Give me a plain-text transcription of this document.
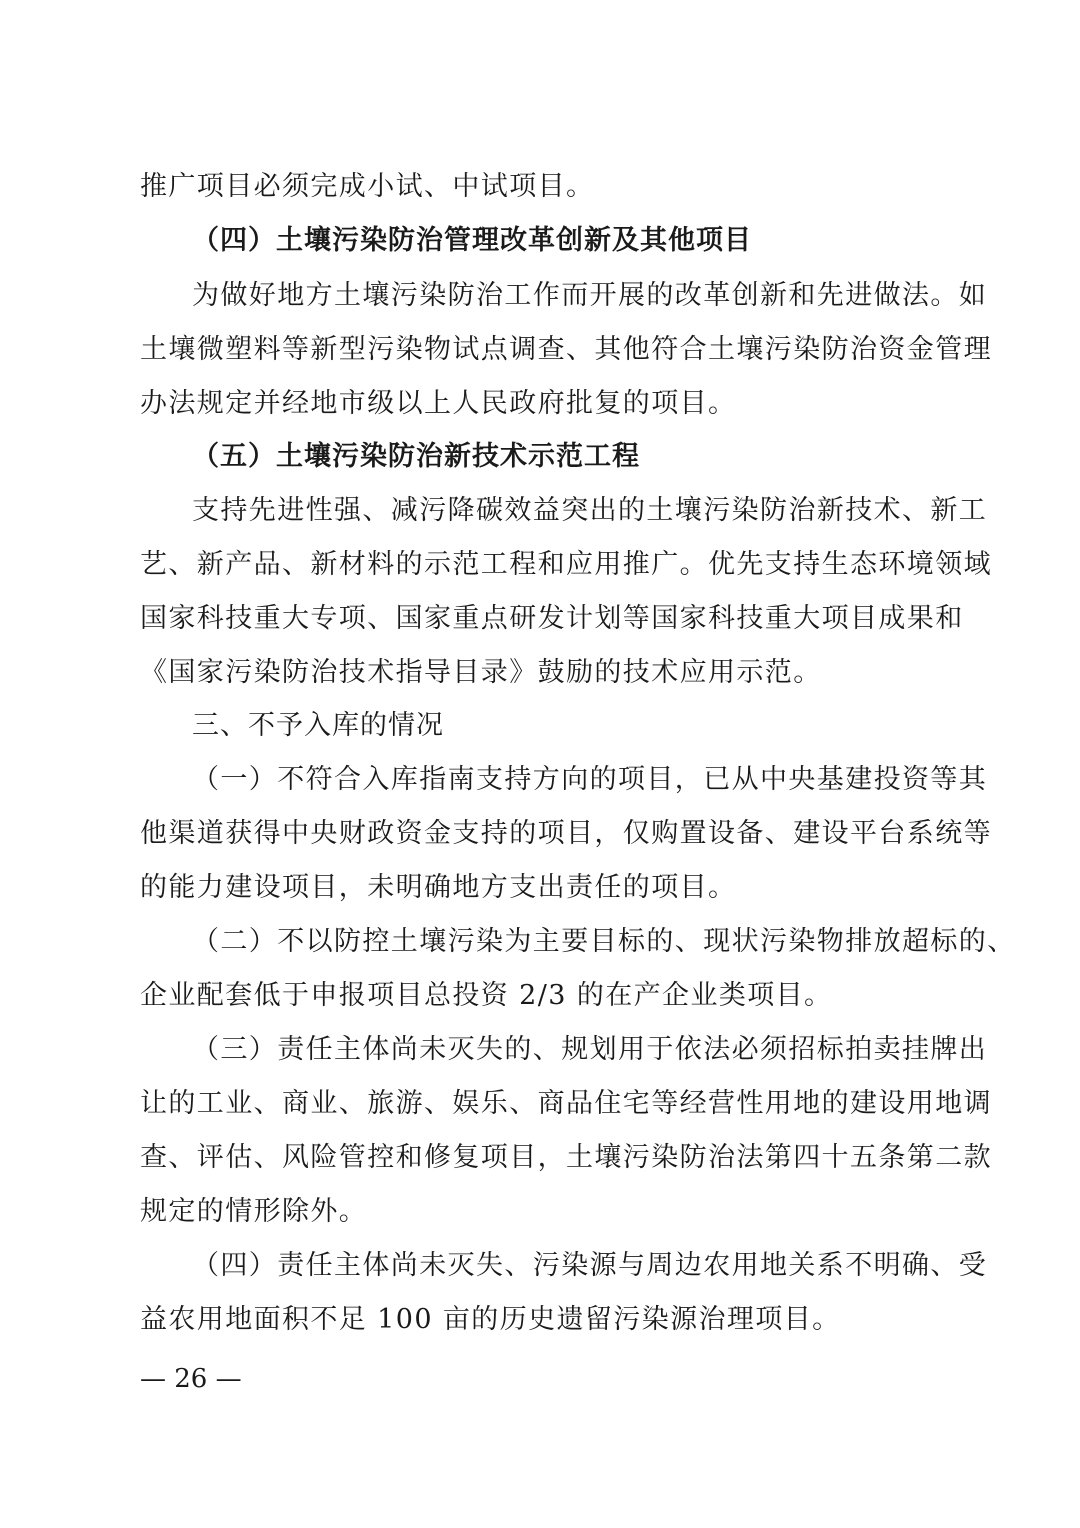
推广项目必须完成小试、中试项目。
（四）土壤污染防治管理改革创新及其他项目
为做好地方土壤污染防治工作而开展的改革创新和先进做法。如
土壤微塑料等新型污染物试点调查、其他符合土壤污染防治资金管理
办法规定并经地市级以上人民政府批复的项目。
（五）土壤污染防治新技术示范工程
支持先进性强、减污降碳效益突出的土壤污染防治新技术、新工
艺、新产品、新材料的示范工程和应用推广。优先支持生态环境领域
国家科技重大专项、国家重点研发计划等国家科技重大项目成果和
《国家污染防治技术指导目录》鼓励的技术应用示范。
三、不予入库的情况
（一）不符合入库指南支持方向的项目，已从中央基建投资等其
他渠道获得中央财政资金支持的项目，仅购置设备、建设平台系统等
的能力建设项目，未明确地方支出责任的项目。
（二）不以防控土壤污染为主要目标的、现状污染物排放超标的、
企业配套低于申报项目总投资 2/3 的在产企业类项目。
（三）责任主体尚未灭失的、规划用于依法必须招标拍卖挂牌出
让的工业、商业、旅游、娱乐、商品住宅等经营性用地的建设用地调
查、评估、风险管控和修复项目，土壤污染防治法第四十五条第二款
规定的情形除外。
（四）责任主体尚未灭失、污染源与周边农用地关系不明确、受
益农用地面积不足 100 亩的历史遗留污染源治理项目。
— 26 —
